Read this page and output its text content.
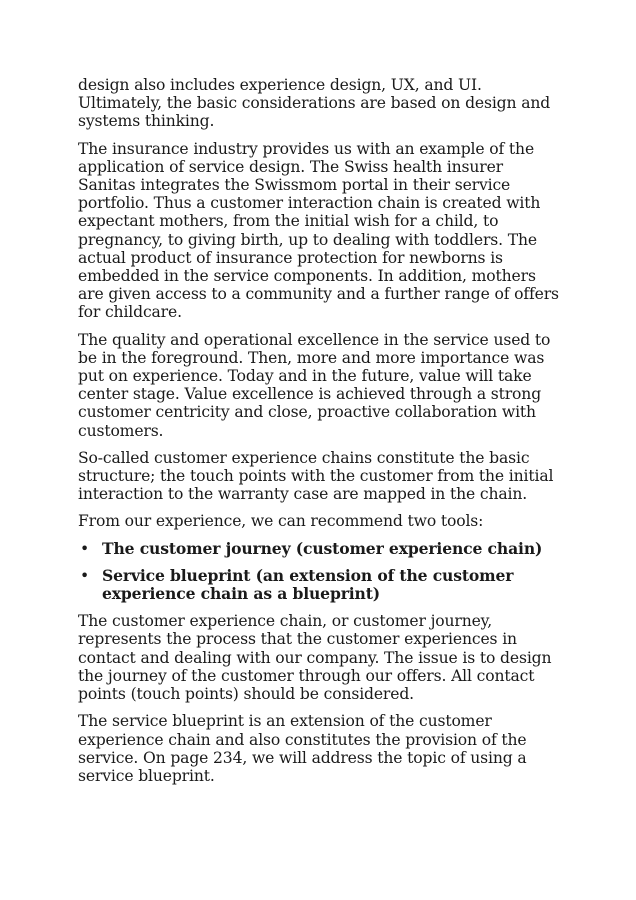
design also includes experience design, UX, and UI. Ultimately, the basic considerations are based on design and systems thinking.

The insurance industry provides us with an example of the application of service design. The Swiss health insurer Sanitas integrates the Swissmom portal in their service portfolio. Thus a customer interaction chain is created with expectant mothers, from the initial wish for a child, to pregnancy, to giving birth, up to dealing with toddlers. The actual product of insurance protection for newborns is embedded in the service components. In addition, mothers are given access to a community and a further range of offers for childcare.

The quality and operational excellence in the service used to be in the foreground. Then, more and more importance was put on experience. Today and in the future, value will take center stage. Value excellence is achieved through a strong customer centricity and close, proactive collaboration with customers.

So-called customer experience chains constitute the basic structure; the touch points with the customer from the initial interaction to the warranty case are mapped in the chain.

From our experience, we can recommend two tools:

• The customer journey (customer experience chain)
• Service blueprint (an extension of the customer experience chain as a blueprint)

The customer experience chain, or customer journey, represents the process that the customer experiences in contact and dealing with our company. The issue is to design the journey of the customer through our offers. All contact points (touch points) should be considered.

The service blueprint is an extension of the customer experience chain and also constitutes the provision of the service. On page 234, we will address the topic of using a service blueprint.
